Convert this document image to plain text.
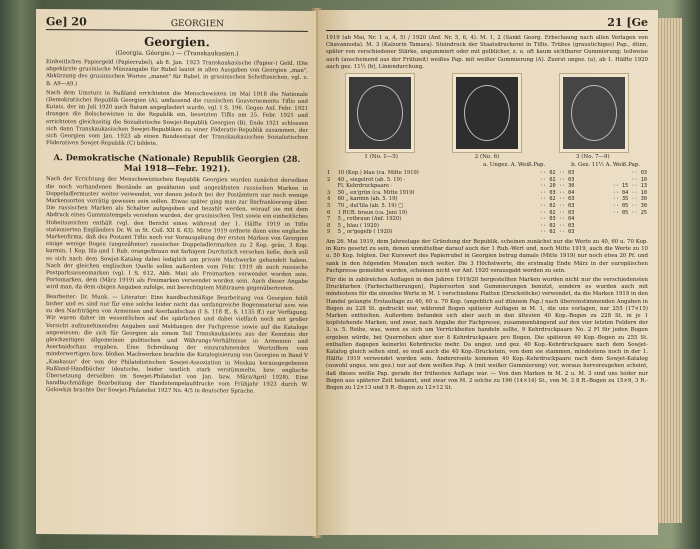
Ge] 20	GEORGIEN
Georgien.
(Georgia. Géorgie.) — (Transkaukasien.)

Einheitliches Papiergeld (Papierrubel), ab 8. Jan. 1923 Transkaukasische (Papier-) Geld. (Die abgekürzte grusinische Münzangabe für Rubel lautet in allen Ausgaben von Georgien „man", Abkürzung des grusinischen Wortes „manet" für Rubel, in grusinischen Schriftzeichen, vgl. z. B. A9—A9.)

Nach dem Umsturz in Rußland errichteten die Menschewisten im Mai 1918 die Nationale (Demokratische) Republik Georgien (A), umfassend die russischen Gouvernements Tiflis und Kutais, der im Juli 1920 auch Batum angegliedert wurde, vgl. I S. 196. Gegen Anf. Febr. 1921 drangen die Bolschewisten in die Republik ein, besetzten Tiflis am 25. Febr. 1921 und errichteten gleichzeitig die Sozialistische Sowjet-Republik Georgien (B). Ende 1921 schlossen sich dann Transkaukasischen Sowjet-Republiken zu einer Föderativ-Republik zusammen, der sich Georgien vom Jan. 1923 ab einen Bundesstaat der Transkaukasischen Sozialistischen Föderativen Sowjet-Republik (C) bildete.

A. Demokratische (Nationale) Republik Georgien (28. Mai 1918—Febr. 1921).

Nach der Errichtung der Menschewistischen Republik Georgien wurden zunächst derselben die noch vorhandenen Bestände an gezähnten und ungezähnten russischen Marken in Doppeladlermuster weiter verwendet, vor denen jedoch bei der Postämtern nur noch wenige Markensorten vorrätig gewesen sein sollen. Etwas später ging man zur Barfrankierung über. Die russischen Marken als Schalter aufgegeben und bezahlt werden, worauf sie mit dem Abdruck eines Gummistempels versehen wurden, der grusinischen Text sowie ein einheitliches Hoheitszeichen enthält (vgl. den Bericht eines während der 1. Hälfte 1919 in Tiflis stationierten Engländers Dr. W. in St. Coll. XII S. 63). Mitte 1919 ordnete dann eine englische Markenfirma, daß des Postamt Tiflis noch vor Vorausgabung der ersten Marken von Georgien einige wenige Bogen (ungezähnter) russischer Doppeladlermarken zu 2 Kop. grün, 3 Kop. karmin, 1 Kop. lila und 1 Rub. orange/braun mit farbigem Durchstich versehen ließe, doch soll es sich nach dem Sowjet-Katalog dabei lediglich um private Machwerke gehandelt haben. Nach der gleichen englischen Quelle sollen außerdem vom Febr. 1919 ab auch russische Postparksassenmarken (vgl. I S. 612, Abb. Mai) als Freimarken verwendet worden sein. Portomarken, dem (März 1919) als Freimarken verwendet worden sein. Auch dieser Angabe wird man, da dem obigen Angaben zufolge, mit berechtigtem Mißtrauen gegenübertreten.

Bearbeiter: Dr. Munk. — Literatur: Eine handbuchmäßige Bearbeitung von Georgien fehlt bisher und es sind nur für eine solche leider nicht das umfangreiche Bogenmaterial usw. wie zu den Nachträgen von Armenien und Aserbaidschan (I S. 118 ff., S. 1135 ff.) zur Verfügung. Wir waren daher im wesentlichen auf die spärlichen und dabei vielfach noch mit großer Vorsicht aufzunehmenden Angaben und Meldungen der Fachpresse sowie auf die Kataloge angewiesen; die sich für Georgien als einem Teil Transkaukasiens aus der Kenntnis der gleichzeitigen allgemeinen politischen und Währungs-Verhältnisse in Armenien und Aserbaidschan ergaben. Eine Schreibung der einzurahmenden Wertziffern vom minderwertigen bzw. bloßen Machwerken brachte die Katalogisierung von Georgien in Band V „Kaukasus" der von der Philatelistischen Sowjet-Assoziation in Moskau herausgegebenen Rußland-Handbücher (deutsche, leider textlich stark verstümmelte, bzw. englische Übersetzung derselben im Sowjet-Philatelist von Jan. bzw. März/April 1928). Eine handbuchmäßige Bearbeitung der Handstempelaufdrucke vom Frühjahr 1923 durch W. Golowkin brachte Der Sowjet-Philatelist 1927 No. 4/5 in deutscher Sprache.

21 [Ge

1919 (ab Mai, Nr. 1 a, 4, 5) / 1920 (Anf. Nr. 5, 6, 4). M. 1, 2 (Sankt Georg. Erbschaung nach allen Verlagen von Chavannoda). M. 3 (Kalzorin Tamara). Steindruck der Staatsdruckerei in Tiflis. Trübes (graustichiges) Pap., dünn, später von verschiedener Stärke, ungummiert oder mit gelblicher, z. u. oft kaum sichtbarer Gummierung; teilweise auch (anscheinend aus der Frühzeit) weißes Pap. mit weißer Gummierung (A). Zuerst ungez. (a), ab 1. Hälfte 1920 auch gez. 11½ (b), Liniendurchung.

1 (No. 1—5)	2 (No. 6)	3 (No. 7—9)
a. Ungez. A. Weiß.Pap.	b. Gez. 11½ A. Weiß.Pap.
1	10 (Kop.) blau (ca. Mitte 1919)	·· 02 ·· 03	·· 03
2	40 „ siegelrot (ab. 5. 19) ·	·· 02 ·· 03	·· 10
	Fl. Kehrdruckpaare ·	·· 20 ·· 30	·· 15 ·· 13
3	50 „ en'grün (ca. Mitte 1919)	·· 03 ·· 04	·· 04 ·· 10
4	60 „ karmin (ab. 5. 19)	·· 02 ·· 03	·· 35 ·· 30
5	70 „ dul'lila (ab. 5. 19) □	·· 02 ·· 03	·· 05 ·· 30
6	1 RUB. braun (ca. Juni 19)	·· 02 ·· 03	·· 05 ·· 25
7	5 „ rotbraun (Anf. 1920)	·· 03 ·· 04	
8	5 „ blau ( 1920)	·· 02 ·· 03	
9	5 „ or'gegelb ( 1920)	·· 02 ·· 03	

Am 26. Mai 1919, dem Jahrestage der Gründung der Republik, scheinen zunächst nur die Werte zu 40, 60 u. 70 Kop. in Kurs gesetzt zu sein, denen unmittelbar darauf auch der 1 Rub.-Wert und, noch Mitte 1919, auch die Werte zu 10 u. 50 Kop. folgten. Der Kurswert des Papierrubel in Georgien betrug damals (Mitte 1919) nur noch etwa 20 Pf. und sank in den folgenden Monaten noch weiter. Die 3 Höchstwerte, die erstmalig Ende März in der europäischen Fachpresse gemeldet wurden, scheinen nicht vor Anf. 1920 verausgabt worden zu sein.

Für die in zahlreichen Auflagen in den Jahren 1919/20 hergestellten Marken wurden nicht nur die verschiedensten Druckfarben (Farbschattierungen), Papiersorten und Gummierungen benutzt, sondern es wurden auch mit mindestens für die einzelne Werte in M. 1 verschiedene Platten (Druckstöcke) verwendet, da die Marken 1919 in den Handel gelangte Erstauflage zu 40, 60 u. 70 Kop. (angeblich auf dünnem Pap.) nach übereinstimmenden Angaben in Bogen zu 228 St. gedruckt war, während Bogen späterer Auflagen in M. 1, die uns vorlagen, nur 255 (17×15) Marken enthielten. Außerdem befanden sich aber auch in den ältesten 40 Kop.-Bogen zu 228 St. in je 1 kopfstehende Marken, und zwar, nach Angabe der Fachpresse, zusammenhängend auf den vier letzten Feldern der 3. u. 5. Reihe, was, wenn es sich um Verrückbeiten handeln sollte, 9 Kehrdruckpaare No. 2 Fl für jeden Bogen ergeben würde, bei Querreihen aber nur 8 Kehrdruckpaare pro Bogen. Die späteren 40 Kop.-Bogen zu 255 St. enthalten dagegen keinerlei Kehrdrucke mehr. Da ungez. und gez. 40 Kop.-Kehrdruckpaare nach dem Sowjet-Katalog gleich selten sind, so muß auch die 40 Kop.-Druckstein, von dem sie stammen, mindestens noch in der 1. Hälfte 1919 verwendet worden sein. Andererseits kommen 40 Kop.-Kehrdruckpaare nach dem Sowjet-Katalog (sowohl ungez. wie gez.) nur auf dem weißen Pap. A (mit weißer Gummierung) vor, woraus hervorzugehen scheint, daß dieses weiße Pap. gerade der frühesten Auflage war. — Von den Marken in M. 2 u. M. 3 sind uns leider nur Bogen aus späterer Zeit bekannt, und zwar von M. 2 solche zu 196 (14×14) St., von M. 3 8 R.-Bogen zu 15×9, 3 R.-Bogen zu 12×13 und 5 R.-Bogen zu 12×12 St.
